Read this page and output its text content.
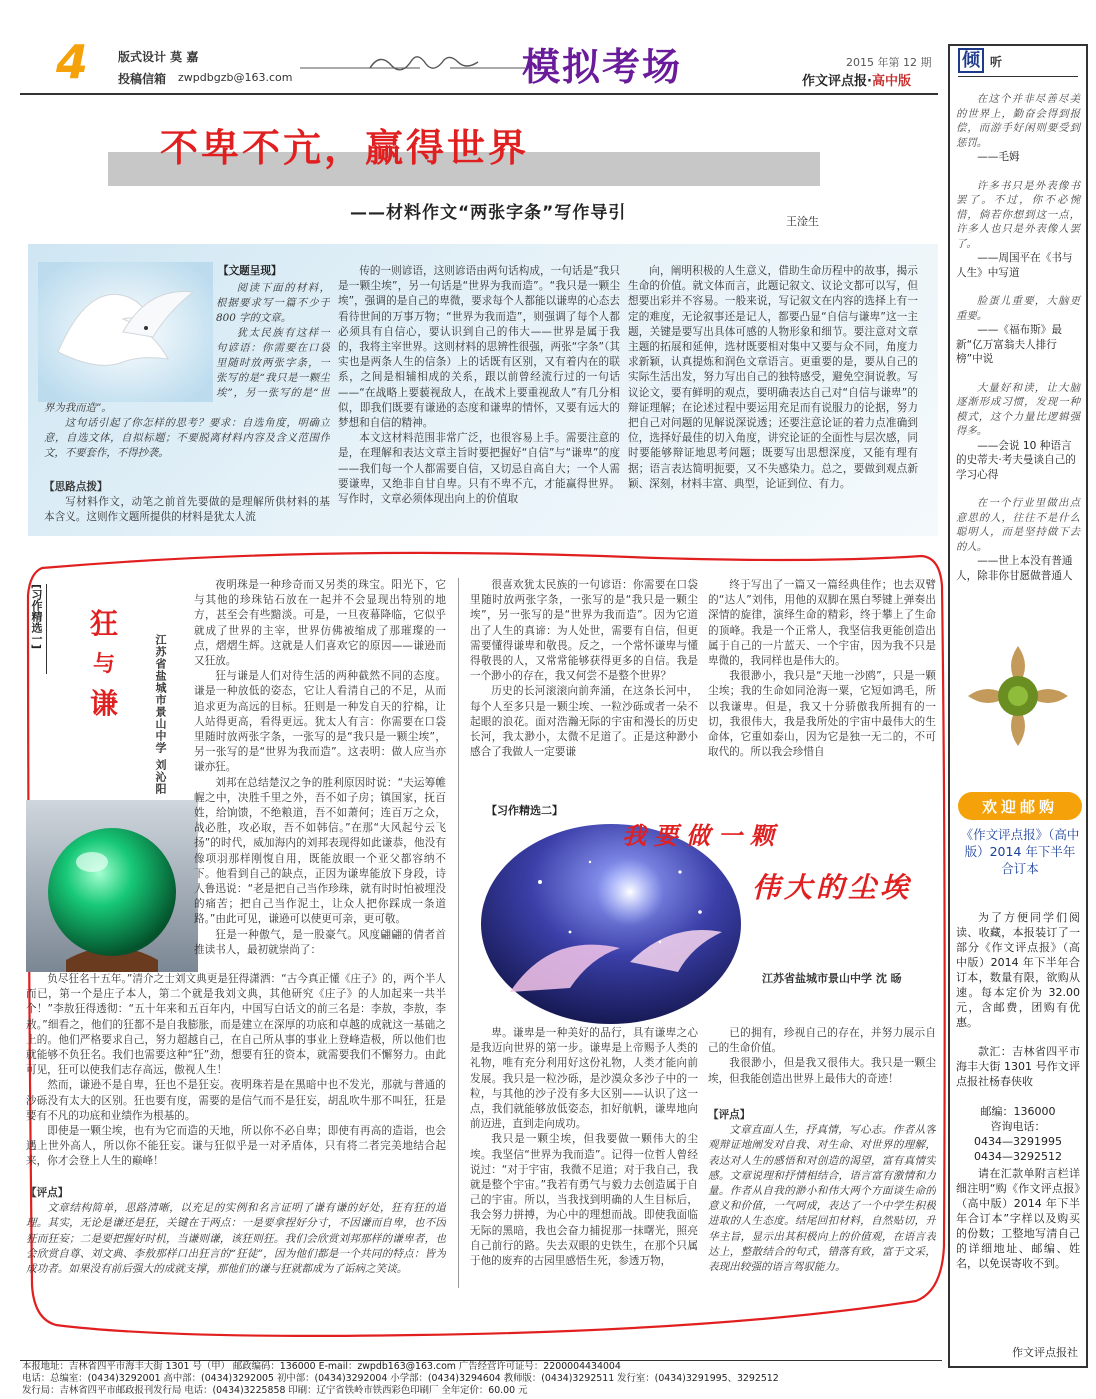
4 版式设计 莫 嘉
投稿信箱 zwpdbgzb@163.com	模拟考场	2015 年第 12 期
作文评点报·高中版
不卑不亢，赢得世界
——材料作文“两张字条”写作导引	王淦生
【文题呈现】

阅读下面的材料，根据要求写一篇不少于 800 字的文章。

犹太民族有这样一句谚语：你需要在口袋里随时放两张字条，一张写的是“我只是一颗尘埃”，另一张写的是“世界为我而造”。

这句话引起了你怎样的思考？要求：自选角度，明确立意，自选文体，自拟标题；不要脱离材料内容及含义范围作文，不要套作，不得抄袭。

【思路点拨】
写材料作文，动笔之前首先要做的是理解所供材料的基本含义。这则作文题所提供的材料是犹太人流

传的一则谚语，这则谚语由两句话构成，一句话是“我只是一颗尘埃”，另一句话是“世界为我而造”。“我只是一颗尘埃”，强调的是自己的卑微，要求每个人都能以谦卑的心态去看待世间的万事万物；“世界为我而造”，则强调了每个人都必须具有自信心，要认识到自己的伟大——世界是属于我的，我将主宰世界。这则材料的思辨性很强，两张“字条”（其实也是两条人生的信条）上的话既有区别，又有着内在的联系，之间是相辅相成的关系，跟以前曾经流行过的一句话——“在战略上要藐视敌人，在战术上要重视敌人”有几分相似，即我们既要有谦逊的态度和谦卑的情怀，又要有远大的梦想和自信的精神。

本文这材料范围非常广泛，也很容易上手。需要注意的是，在理解和表达文章主旨时要把握好“自信”与“谦卑”的度——我们每一个人都需要自信，又切忌自高自大；一个人需要谦卑，又绝非自甘自卑。只有不卑不亢，才能赢得世界。写作时，文章必须体现出向上的价值取

向，阐明积极的人生意义，借助生命历程中的故事，揭示生命的价值。就文体而言，此题记叙文、议论文都可以写，但想要出彩并不容易。一般来说，写记叙文在内容的选择上有一定的难度，无论叙事还是记人，都要凸显“自信与谦卑”这一主题，关键是要写出具体可感的人物形象和细节。要注意对文章主题的拓展和延伸，选材既要相对集中又要与众不同，角度力求新颖，认真提炼和润色文章语言。更重要的是，要从自己的实际生活出发，努力写出自己的独特感受，避免空洞说教。写议论文，要有鲜明的观点，要明确表达自己对“自信与谦卑”的辩证理解；在论述过程中要运用充足而有说服力的论据，努力把自己对问题的见解说深说透；还要注意论证的着力点准确到位，选择好最佳的切入角度，讲究论证的全面性与层次感，同时要能够辩证地思考问题；既要写出思想深度，又能有理有据；语言表达简明扼要，又不失感染力。总之，要做到观点新颖、深刻，材料丰富、典型，论证到位、有力。

[习作精选一] 狂
与
谦	江苏省盐城市景山中学 刘沁阳

夜明珠是一种珍奇而又另类的珠宝。阳光下，它与其他的珍珠钻石放在一起并不会显现出特别的地方，甚至会有些黯淡。可是，一旦夜幕降临，它似乎就成了世界的主宰，世界仿佛被缩成了那璀璨的一点，熠熠生辉。这就是人们喜欢它的原因——谦逊而又狂放。

狂与谦是人们对待生活的两种截然不同的态度。谦是一种放低的姿态，它让人看清自己的不足，从而追求更为高远的目标。狂则是一种发自天的狞棉，让人站得更高，看得更远。犹太人有言：你需要在口袋里随时放两张字条，一张写的是“我只是一颗尘埃”，另一张写的是“世界为我而造”。这表明：做人应当亦谦亦狂。

刘邦在总结楚汉之争的胜利原因时说：“夫运筹帷幄之中，决胜千里之外，吾不如子房；镇国家，抚百姓，给饷馈，不绝粮道，吾不如萧何；连百万之众，战必胜，攻必取，吾不如韩信。”在那“大风起兮云飞扬”的时代，威加海内的刘邦表现得如此谦恭，他没有像项羽那样刚愎自用，既能放眼一个亚父都容纳不下。他看到自己的缺点，正因为谦卑能放下身段，诗人鲁迅说：“老是把自己当作珍珠，就有时时怕被埋没的痛苦；把自己当作泥土，让众人把你踩成一条道路。”由此可见，谦逊可以使更可亲，更可敬。

狂是一种傲气，是一股豪气。风度翩翩的倩者首推读书人，最初就崇尚了：

负尽狂名十五年。”清介之士刘文典更是狂得潇洒：“古今真正懂《庄子》的，两个半人而已，第一个是庄子本人，第二个就是我刘文典，其他研究《庄子》的人加起来一共半个！”李敖狂得透彻：“五十年来和五百年内，中国写白话文的前三名是：李敖，李敖，李敖。”细看之，他们的狂都不是自我膨胀，而是建立在深厚的功底和卓越的成就这一基础之上的。他们严格要求自己，努力超越自己，在自己所从事的事业上登峰造极，所以他们也就能够不负狂名。我们也需要这种“狂”劲，想要有狂的资本，就需要我们不懈努力。由此可见，狂可以使我们志存高远，傲视人生！

然而，谦逊不是自卑，狂也不是狂妄。夜明珠若是在黑暗中也不发光，那就与普通的沙砾没有太大的区别。狂也要有度，需要的是信气而不是狂妄，胡乱吹牛那不叫狂，狂是要有不凡的功底和业绩作为根基的。

即使是一颗尘埃，也有为它而造的天地，所以你不必自卑；即使有再高的造诣，也会遇上世外高人，所以你不能狂妄。谦与狂似乎是一对矛盾体，只有将二者完美地结合起来，你才会登上人生的巅峰！

【评点】
文章结构简单，思路清晰，以充足的实例和名言证明了谦有谦的好处，狂有狂的道理。其实，无论是谦还是狂，关键在于两点：一是要拿捏好分寸，不因谦而自卑，也不因狂而狂妄；二是要把握好时机，当谦则谦，该狂则狂。我们会欣赏刘邦那样的谦卑者，也会欣赏自尊、刘文典、李敖那样口出狂言的“狂徒”，因为他们都是一个共同的特点：皆为成功者。如果没有前后强大的成就支撑，那他们的谦与狂就都成为了诟病之笑谈。

很喜欢犹太民族的一句谚语：你需要在口袋里随时放两张字条，一张写的是“我只是一颗尘埃”，另一张写的是“世界为我而造”。因为它道出了人生的真谛：为人处世，需要有自信，但更需要懂得谦卑和敬畏。反之，一个常怀谦卑与懂得敬畏的人，又常常能够获得更多的自信。我是一个渺小的存在，我又何尝不是整个世界？

历史的长河滚滚向前奔涌，在这条长河中，每个人至多只是一颗尘埃、一粒沙砾或者一朵不起眼的浪花。面对浩瀚无际的宇宙和漫长的历史长河，我太渺小，太微不足道了。正是这种渺小感合了我做人一定要谦

终于写出了一篇又一篇经典佳作；也去双臂的“达人”刘伟，用他的双脚在黑白琴键上弹奏出深情的旋律，演绎生命的精彩，终于攀上了生命的顶峰。我是一个正常人，我坚信我更能创造出属于自己的一片蓝天、一个宇宙，因为我不只是卑微的，我同样也是伟大的。

我很渺小，我只是“天地一沙鸥”，只是一颗尘埃；我的生命如同沧海一粟，它短如鸿毛，所以我谦卑。但是，我又十分骄傲我所拥有的一切，我很伟大，我是我所处的宇宙中最伟大的生命体，它重如泰山，因为它是独一无二的，不可取代的。所以我会珍惜自

【习作精选二】
我要做一颗
伟大的尘埃
江苏省盐城市景山中学 沈 旸

卑。谦卑是一种美好的品行，具有谦卑之心是我迈向世界的第一步。谦卑是上帝赐予人类的礼物，唯有充分利用好这份礼物，人类才能向前发展。我只是一粒沙砾，是沙漠众多沙子中的一粒，与其他的沙子没有多大区别——认识了这一点，我们就能够放低姿态，扣好航帆，谦卑地向前迈进，直到走向成功。

我只是一颗尘埃，但我要做一颗伟大的尘埃。我坚信“世界为我而造”。记得一位哲人曾经说过：“对于宇宙，我微不足道；对于我自己，我就是整个宇宙。”我若有勇气与毅力去创造属于自己的宇宙。所以，当我找到明确的人生目标后，我会努力拼搏，为心中的理想而战。即使我面临无际的黑暗，我也会奋力捕捉那一抹曙光，照亮自己前行的路。失去双眼的史铁生，在那个只属于他的废弃的古园里感悟生死，参透万物，

已的拥有，珍视自己的存在，并努力展示自己的生命价值。

我很渺小，但是我又很伟大。我只是一颗尘埃，但我能创造出世界上最伟大的奇迹！

【评点】
文章直面人生，抒真情，写心志。作者从客观辩证地阐发对自我、对生命、对世界的理解，表达对人生的感悟和对创造的渴望，富有真情实感。文章说理和抒情相结合，语言富有激情和力量。作者从自我的渺小和伟大两个方面谈生命的意义和价值，一气呵成，表达了一个中学生积极进取的人生态度。结尾回扣材料，自然贴切，升华主旨，显示出其积极向上的价值观，在语言表达上，整散结合的句式，错落有致，富于文采，表现出较强的语言驾驭能力。
倾 听
在这个并非尽善尽美的世界上，勤奋会得到报偿，而游手好闲则要受到惩罚。
——毛姆
许多书只是外表像书罢了。不过，你不必惋惜，倘若你想到这一点，许多人也只是外表像人罢了。
——周国平在《书与人生》中写道
脸蛋儿重要，大脑更重要。
——《福布斯》最新“亿万富翁夫人排行榜”中说
大量好和读，让大脑逐渐形成习惯，发现一种模式，这个力量比逻辑强得多。
——会说 10 种语言的史蒂夫·考夫曼谈自己的学习心得
在一个行业里做出点意思的人，往往不是什么聪明人，而是坚持做下去的人。
——世上本没有普通人，除非你甘愿做普通人
欢迎邮购
《作文评点报》（高中版）2014 年下半年合订本
为了方便同学们阅读、收藏，本报装订了一部分《作文评点报》（高中版）2014 年下半年合订本，数量有限，欲购从速。每本定价为 32.00 元，含邮费，团购有优惠。
款汇：吉林省四平市海丰大街 1301 号作文评点报社杨春侠收
邮编：136000
咨询电话：
0434—3291995
0434—3292512
请在汇款单附言栏详细注明“购《作文评点报》（高中版）2014 年下半年合订本”字样以及购买的份数；工整地写清自己的详细地址、邮编、姓名，以免误寄收不到。
作文评点报社
本报地址：吉林省四平市海丰大街 1301 号（甲） 邮政编码：136000 E-mail：zwpdb163@163.com 广告经营许可证号：2200004434004
电话：总编室：(0434)3292001 高中部：(0434)3292005 初中部：(0434)3292004 小学部：(0434)3294604 教师版：(0434)3292511 发行室：(0434)3291995、3292512
发行局：吉林省四平市邮政报刊发行局 电话：(0434)3225858 印刷：辽宁省铁岭市铁西彩色印刷厂 全年定价：60.00 元
